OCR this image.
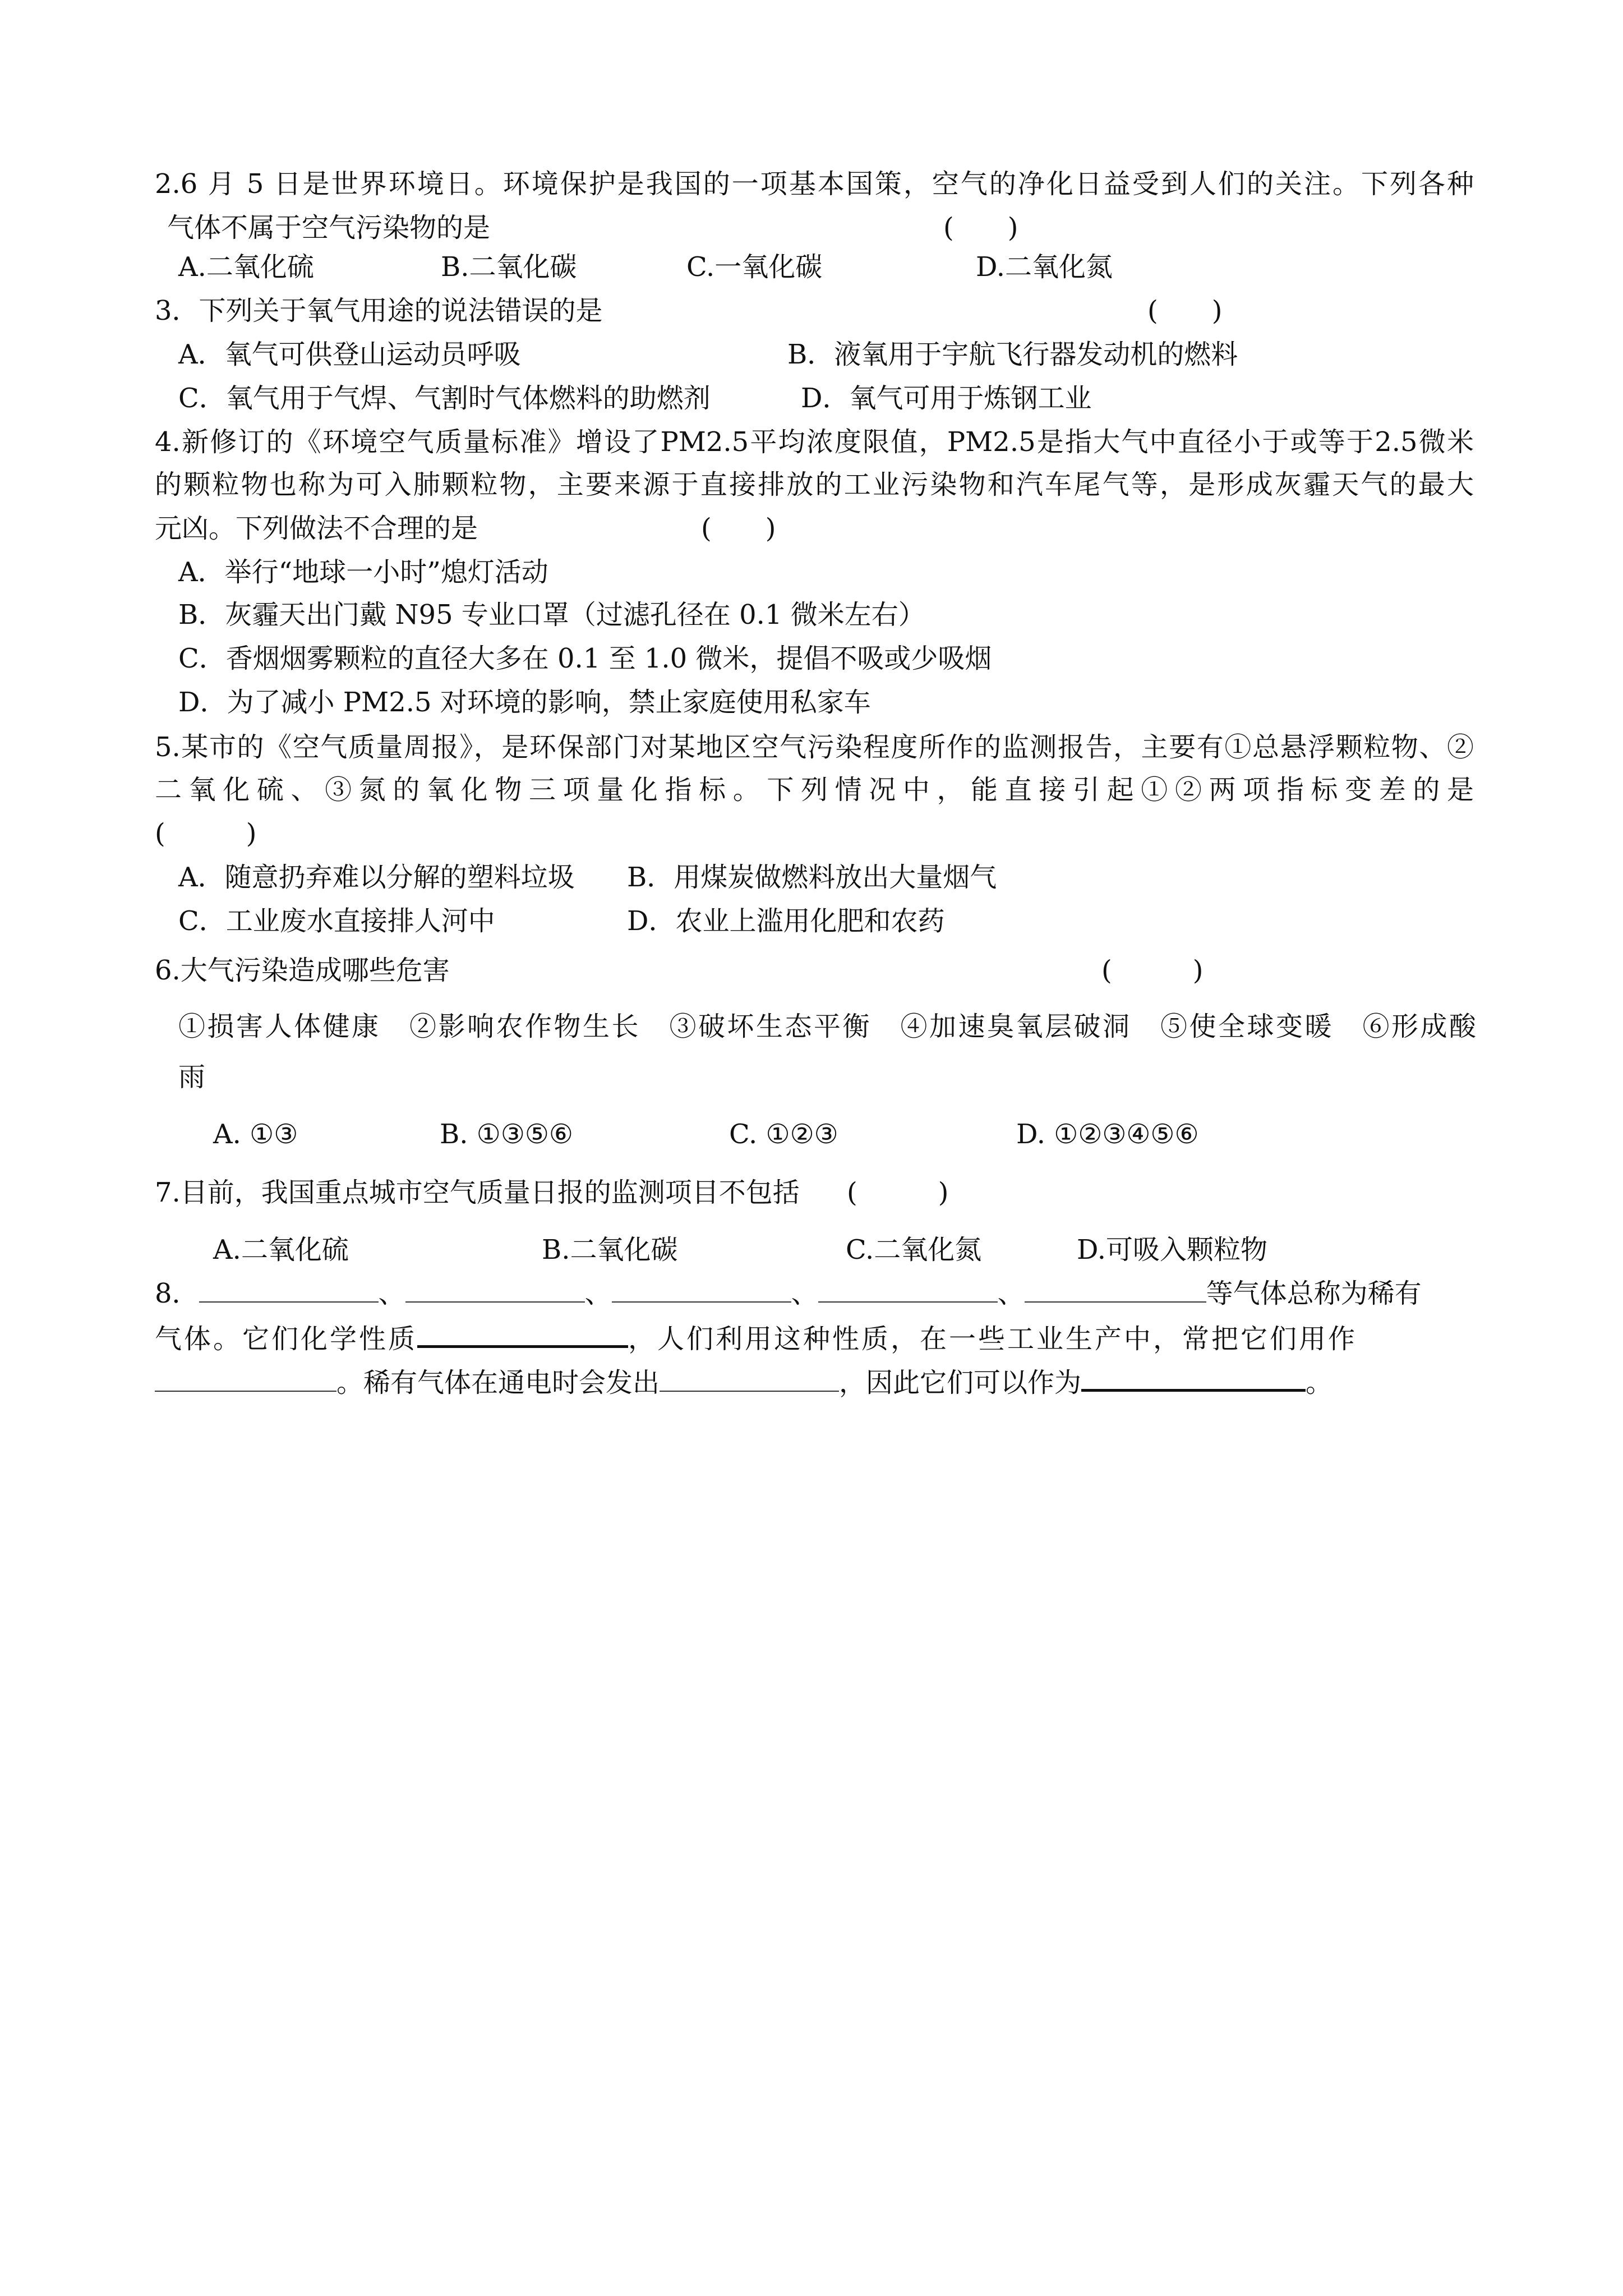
2.6 月 5 日是世界环境日。环境保护是我国的一项基本国策，空气的净化日益受到人们的关注。下列各种
气体不属于空气污染物的是	(　　)
A.二氧化硫	B.二氧化碳	C.一氧化碳	D.二氧化氮
3．下列关于氧气用途的说法错误的是	(　　)
A．氧气可供登山运动员呼吸	B．液氧用于宇航飞行器发动机的燃料
C．氧气用于气焊、气割时气体燃料的助燃剂	D．氧气可用于炼钢工业
4.新修订的《环境空气质量标准》增设了PM2.5平均浓度限值，PM2.5是指大气中直径小于或等于2.5微米
的颗粒物也称为可入肺颗粒物，主要来源于直接排放的工业污染物和汽车尾气等，是形成灰霾天气的最大
元凶。下列做法不合理的是	(　　)
A．举行“地球一小时”熄灯活动
B．灰霾天出门戴 N95 专业口罩（过滤孔径在 0.1 微米左右）
C．香烟烟雾颗粒的直径大多在 0.1 至 1.0 微米，提倡不吸或少吸烟
D．为了减小 PM2.5 对环境的影响，禁止家庭使用私家车
5.某市的《空气质量周报》，是环保部门对某地区空气污染程度所作的监测报告，主要有①总悬浮颗粒物、②
二氧化硫、③氮的氧化物三项量化指标。下列情况中，能直接引起①②两项指标变差的是
(　　　)
A．随意扔弃难以分解的塑料垃圾 B．用煤炭做燃料放出大量烟气
C．工业废水直接排人河中	D．农业上滥用化肥和农药
6.大气污染造成哪些危害	(　　　)
①损害人体健康　②影响农作物生长　③破坏生态平衡　④加速臭氧层破洞　⑤使全球变暖　⑥形成酸
雨
A. ①③	B. ①③⑤⑥	C. ①②③	D. ①②③④⑤⑥
7.目前，我国重点城市空气质量日报的监测项目不包括 (　　　)
A.二氧化硫	B.二氧化碳	C.二氧化氮	D.可吸入颗粒物
8．	、	、	、	、	等气体总称为稀有
气体。它们化学性质	，人们利用这种性质，在一些工业生产中，常把它们用作
。稀有气体在通电时会发出	，因此它们可以作为	。
